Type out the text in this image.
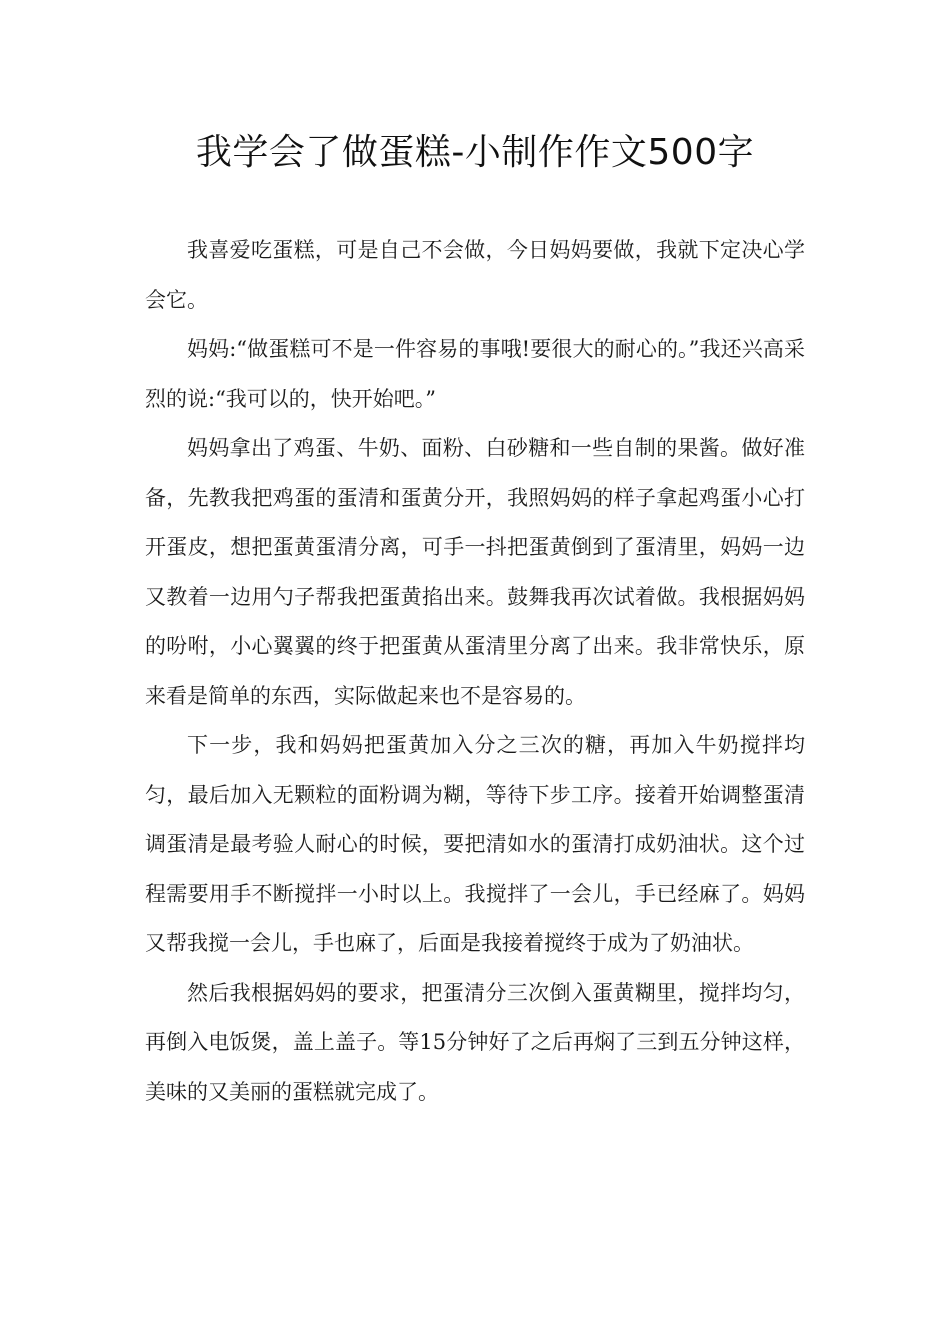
我学会了做蛋糕-小制作作文500字

我喜爱吃蛋糕，可是自己不会做，今日妈妈要做，我就下定决心学会它。

妈妈:“做蛋糕可不是一件容易的事哦!要很大的耐心的。”我还兴高采烈的说:“我可以的，快开始吧。”

妈妈拿出了鸡蛋、牛奶、面粉、白砂糖和一些自制的果酱。做好准备，先教我把鸡蛋的蛋清和蛋黄分开，我照妈妈的样子拿起鸡蛋小心打开蛋皮，想把蛋黄蛋清分离，可手一抖把蛋黄倒到了蛋清里，妈妈一边又教着一边用勺子帮我把蛋黄掐出来。鼓舞我再次试着做。我根据妈妈的吩咐，小心翼翼的终于把蛋黄从蛋清里分离了出来。我非常快乐，原来看是简单的东西，实际做起来也不是容易的。

下一步，我和妈妈把蛋黄加入分之三次的糖，再加入牛奶搅拌均匀，最后加入无颗粒的面粉调为糊，等待下步工序。接着开始调整蛋清调蛋清是最考验人耐心的时候，要把清如水的蛋清打成奶油状。这个过程需要用手不断搅拌一小时以上。我搅拌了一会儿，手已经麻了。妈妈又帮我搅一会儿，手也麻了，后面是我接着搅终于成为了奶油状。

然后我根据妈妈的要求，把蛋清分三次倒入蛋黄糊里，搅拌均匀，再倒入电饭煲，盖上盖子。等15分钟好了之后再焖了三到五分钟这样，美味的又美丽的蛋糕就完成了。
